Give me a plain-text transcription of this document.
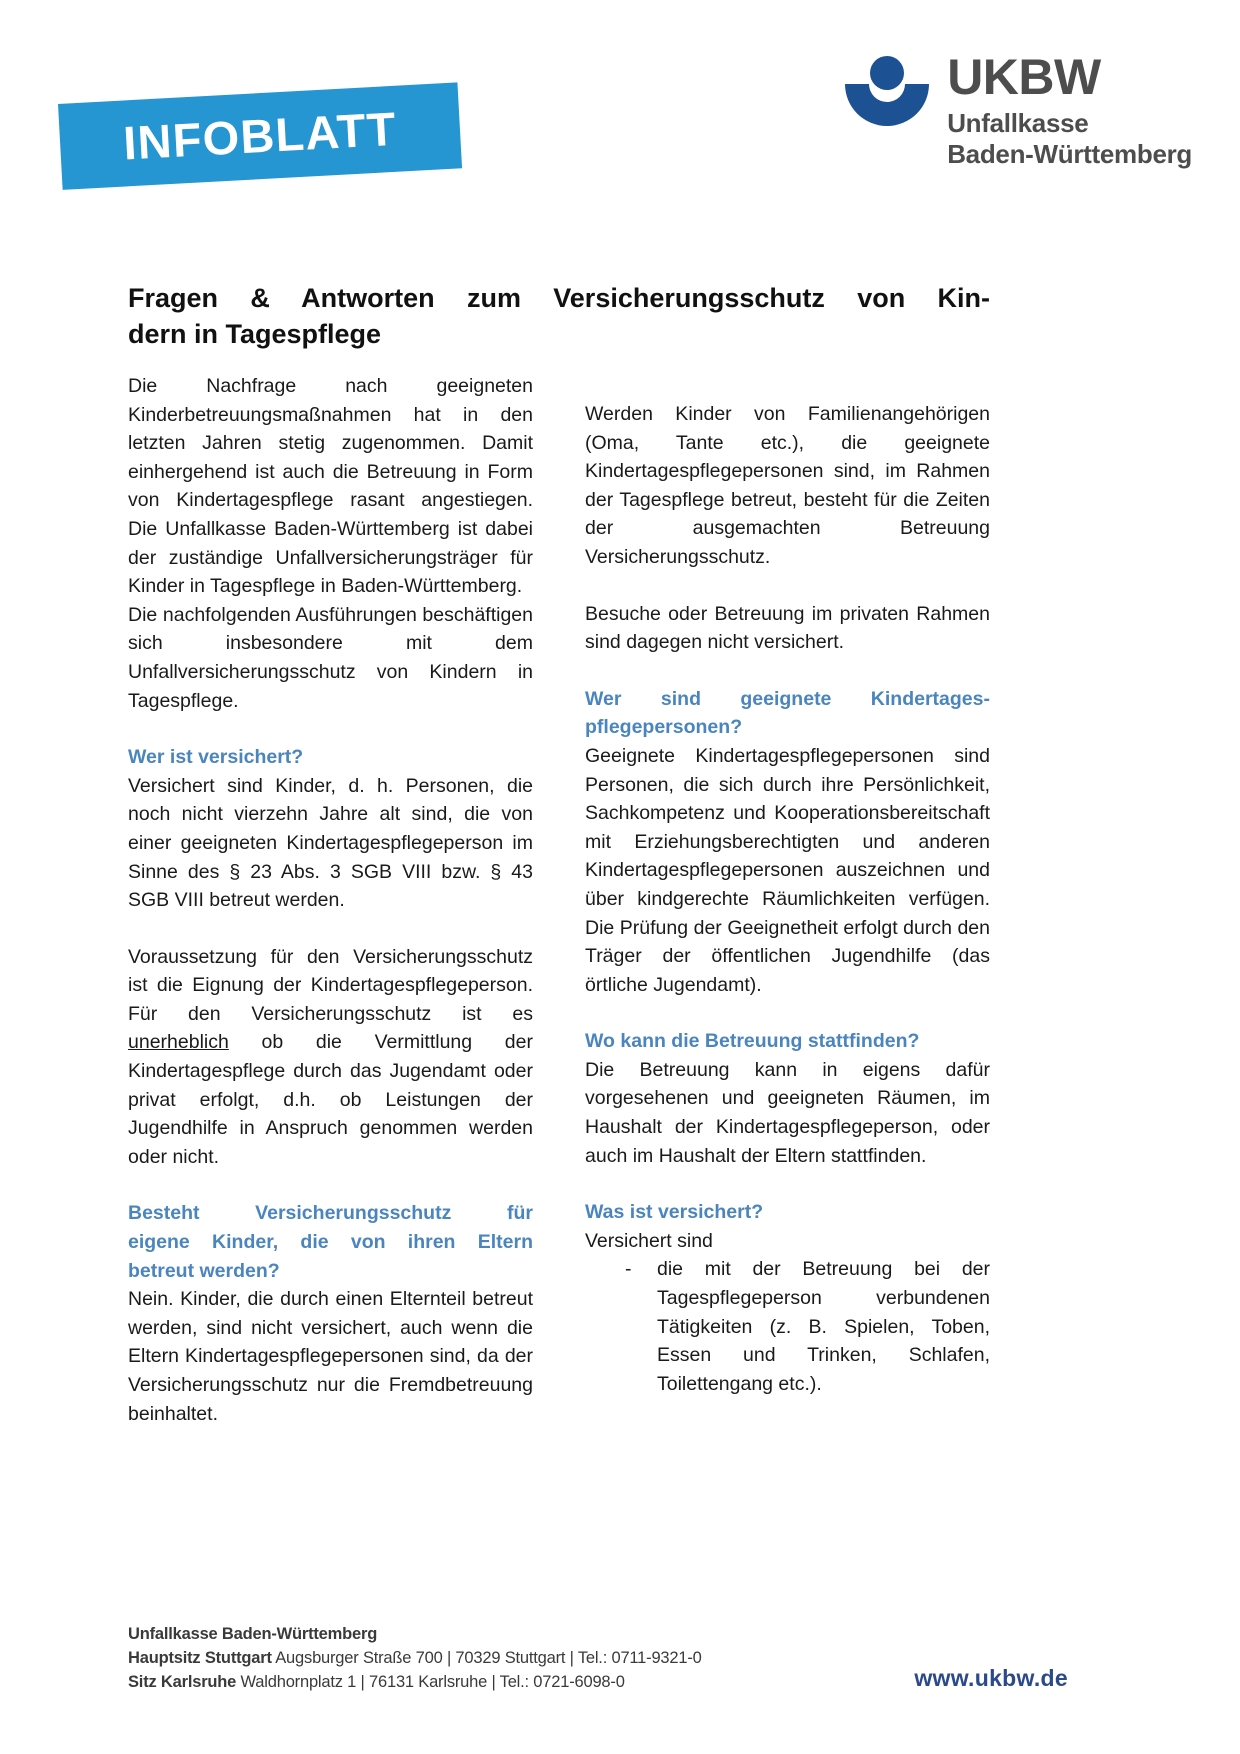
INFOBLATT
UKBW
Unfallkasse
Baden-Württemberg
Fragen & Antworten zum Versicherungsschutz von Kin-
dern in Tagespflege

Die Nachfrage nach geeigneten Kinderbetreuungsmaßnahmen hat in den letzten Jahren stetig zugenommen. Damit einhergehend ist auch die Betreuung in Form von Kindertagespflege rasant angestiegen. Die Unfallkasse Baden-Württemberg ist dabei der zuständige Unfallversicherungsträger für Kinder in Tagespflege in Baden-Württemberg.

Die nachfolgenden Ausführungen beschäftigen sich insbesondere mit dem Unfallversicherungsschutz von Kindern in Tagespflege.

Wer ist versichert?

Versichert sind Kinder, d. h. Personen, die noch nicht vierzehn Jahre alt sind, die von einer geeigneten Kindertagespflegeperson im Sinne des § 23 Abs. 3 SGB VIII bzw. § 43 SGB VIII betreut werden.

Voraussetzung für den Versicherungsschutz ist die Eignung der Kindertagespflegeperson. Für den Versicherungsschutz ist es unerheblich ob die Vermittlung der Kindertagespflege durch das Jugendamt oder privat erfolgt, d.h. ob Leistungen der Jugendhilfe in Anspruch genommen werden oder nicht.

Besteht Versicherungsschutz für
eigene Kinder, die von ihren Eltern
betreut werden?

Nein. Kinder, die durch einen Elternteil betreut werden, sind nicht versichert, auch wenn die Eltern Kindertagespflegepersonen sind, da der Versicherungsschutz nur die Fremdbetreuung beinhaltet.

Werden Kinder von Familienangehörigen (Oma, Tante etc.), die geeignete Kindertagespflegepersonen sind, im Rahmen der Tagespflege betreut, besteht für die Zeiten der ausgemachten Betreuung Versicherungsschutz.

Besuche oder Betreuung im privaten Rahmen sind dagegen nicht versichert.

Wer sind geeignete Kindertages-
pflegepersonen?

Geeignete Kindertagespflegepersonen sind Personen, die sich durch ihre Persönlichkeit, Sachkompetenz und Kooperationsbereitschaft mit Erziehungsberechtigten und anderen Kindertagespflegepersonen auszeichnen und über kindgerechte Räumlichkeiten verfügen. Die Prüfung der Geeignetheit erfolgt durch den Träger der öffentlichen Jugendhilfe (das örtliche Jugendamt).

Wo kann die Betreuung stattfinden?

Die Betreuung kann in eigens dafür vorgesehenen und geeigneten Räumen, im Haushalt der Kindertagespflegeperson, oder auch im Haushalt der Eltern stattfinden.

Was ist versichert?

Versichert sind

- die mit der Betreuung bei der Tagespflegeperson verbundenen Tätigkeiten (z. B. Spielen, Toben, Essen und Trinken, Schlafen, Toilettengang etc.).
Unfallkasse Baden-Württemberg
Hauptsitz Stuttgart Augsburger Straße 700 | 70329 Stuttgart | Tel.: 0711-9321-0
Sitz Karlsruhe Waldhornplatz 1 | 76131 Karlsruhe | Tel.: 0721-6098-0	www.ukbw.de
